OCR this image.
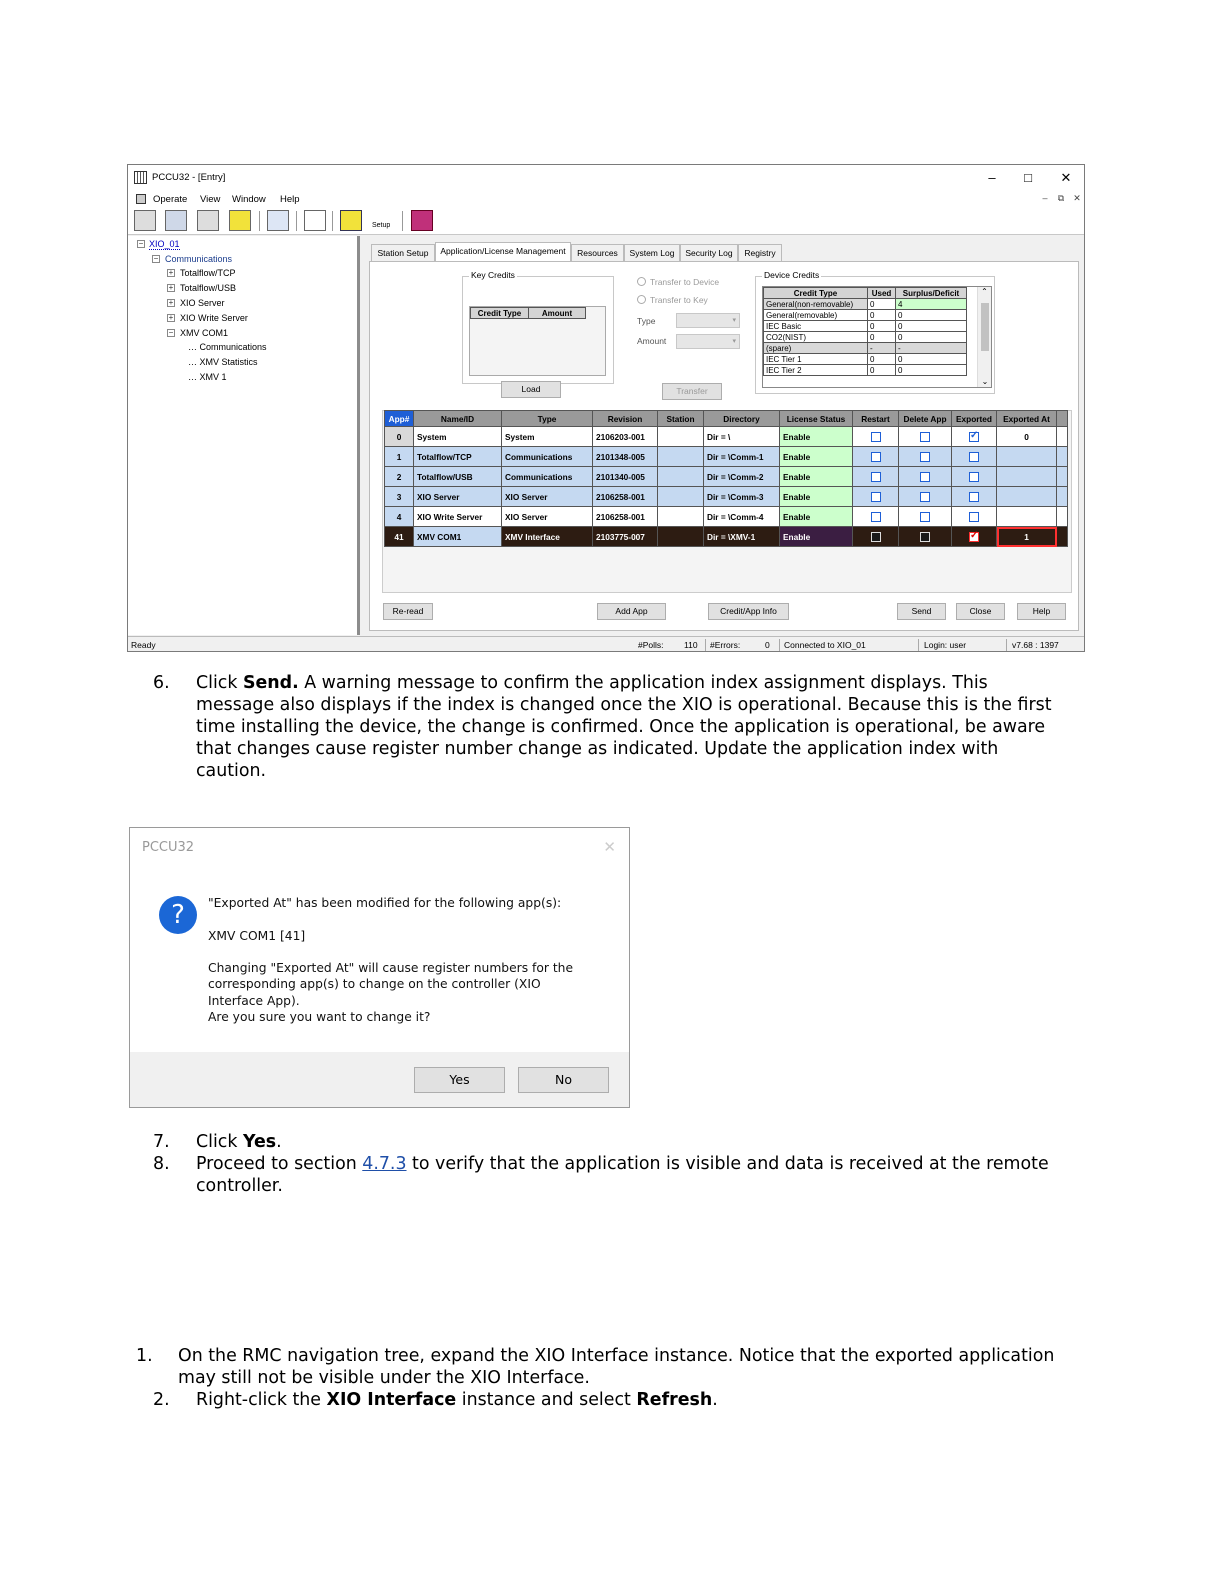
PCCU32 - [Entry]	–	□	✕
Operate View Window Help	–	⧉	✕
Setup
− XIO_01
− Communications
+ Totalflow/TCP
+ Totalflow/USB
+ XIO Server
+ XIO Write Server
− XMV COM1
… Communications
… XMV Statistics
… XMV 1
Station Setup	Application/License Management	Resources	System Log	Security Log	Registry
Key Credits
Credit Type	Amount
Load
Transfer to Device
Transfer to Key
Type	▾
Amount	▾
Transfer
Device Credits
Credit Type	Used	Surplus/Deficit
General(non-removable)	0	4
General(removable)	0	0
IEC Basic	0	0
CO2(NIST)	0	0
(spare)	-	-
IEC Tier 1	0	0
IEC Tier 2	0	0
⌃
⌄
App#	Name/ID	Type	Revision	Station	Directory	License Status	Restart	Delete App	Exported	Exported At	
0	System	System	2106203-001		Dir = \	Enable			✓	0	
1	Totalflow/TCP	Communications	2101348-005		Dir = \Comm-1	Enable					
2	Totalflow/USB	Communications	2101340-005		Dir = \Comm-2	Enable					
3	XIO Server	XIO Server	2106258-001		Dir = \Comm-3	Enable					
4	XIO Write Server	XIO Server	2106258-001		Dir = \Comm-4	Enable					
41	XMV COM1	XMV Interface	2103775-007		Dir = \XMV-1	Enable			✓	1	
Re-read	Add App	Credit/App Info	Send	Close	Help
Ready	#Polls: 110 #Errors:	0 Connected to XIO_01	Login: user	v7.68 : 1397
6. Click Send. A warning message to confirm the application index assignment displays. This
message also displays if the index is changed once the XIO is operational. Because this is the first
time installing the device, the change is confirmed. Once the application is operational, be aware
that changes cause register number change as indicated. Update the application index with
caution.
PCCU32	✕
?	"Exported At" has been modified for the following app(s):
XMV COM1 [41]
Changing "Exported At" will cause register numbers for the
corresponding app(s) to change on the controller (XIO
Interface App).
Are you sure you want to change it?
Yes	No
7. Click Yes.
8. Proceed to section 4.7.3 to verify that the application is visible and data is received at the remote
controller.
1. On the RMC navigation tree, expand the XIO Interface instance. Notice that the exported application
may still not be visible under the XIO Interface.
2. Right-click the XIO Interface instance and select Refresh.
